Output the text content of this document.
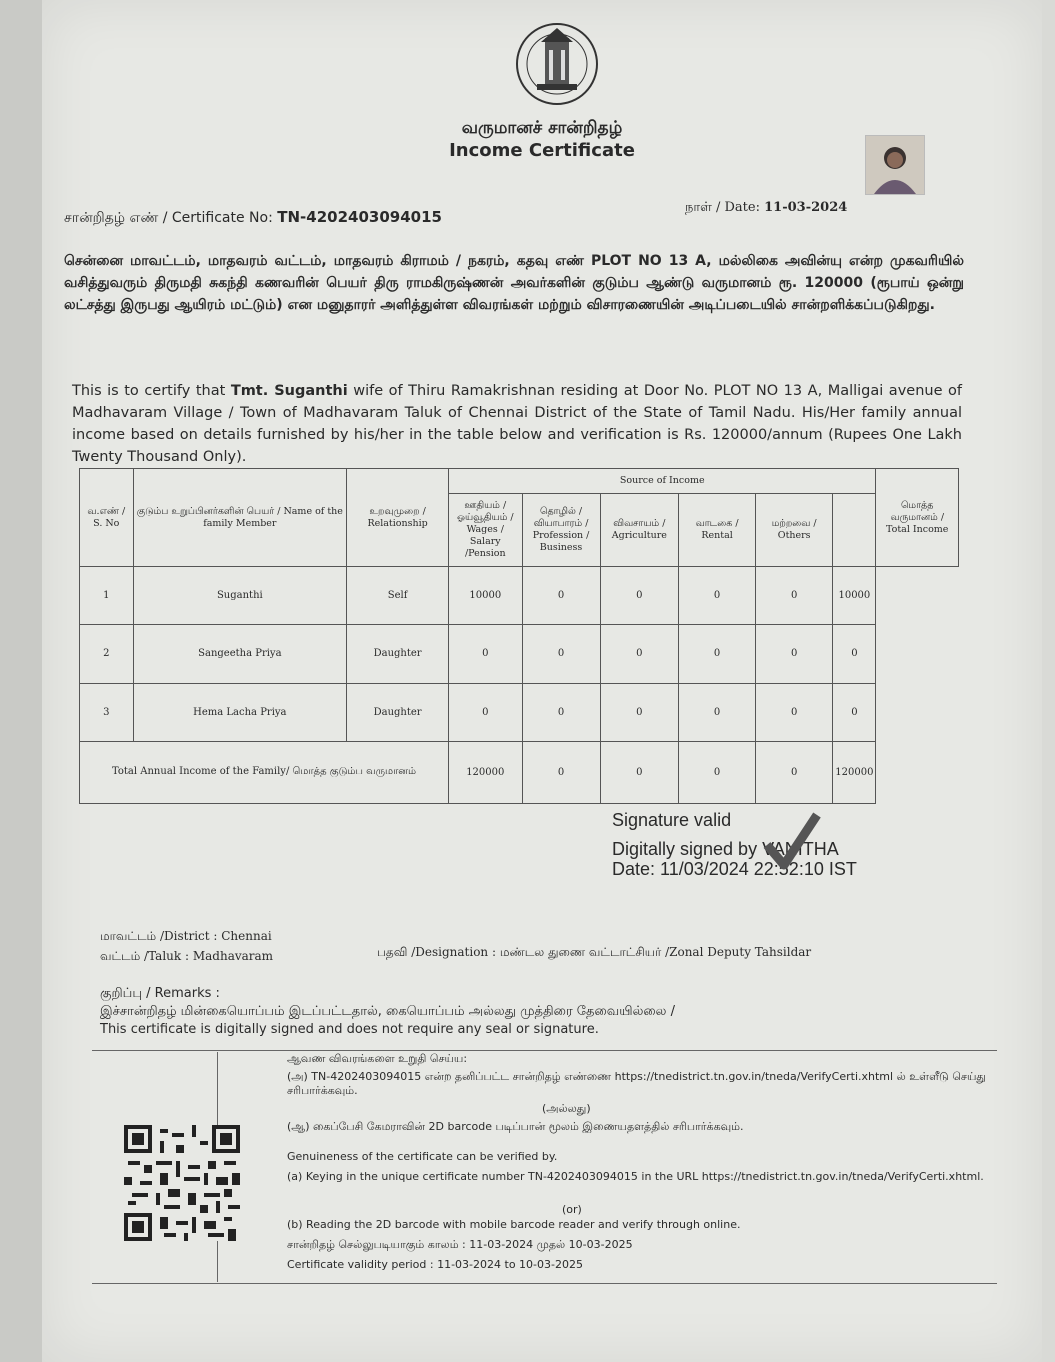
வருமானச் சான்றிதழ்
Income Certificate
சான்றிதழ் எண் / Certificate No: TN-4202403094015
நாள் / Date: 11-03-2024
சென்னை மாவட்டம், மாதவரம் வட்டம், மாதவரம் கிராமம் / நகரம், கதவு எண் PLOT NO 13 A, மல்லிகை அவின்யு என்ற முகவரியில் வசித்துவரும் திருமதி சுகந்தி கணவரின் பெயர் திரு ராமகிருஷ்ணன் அவர்களின் குடும்ப ஆண்டு வருமானம் ரூ. 120000 (ரூபாய் ஒன்று லட்சத்து இருபது ஆயிரம் மட்டும்) என மனுதாரர் அளித்துள்ள விவரங்கள் மற்றும் விசாரணையின் அடிப்படையில் சான்றளிக்கப்படுகிறது.
This is to certify that Tmt. Suganthi wife of Thiru Ramakrishnan residing at Door No. PLOT NO 13 A, Malligai avenue of Madhavaram Village / Town of Madhavaram Taluk of Chennai District of the State of Tamil Nadu. His/Her family annual income based on details furnished by his/her in the table below and verification is Rs. 120000/annum (Rupees One Lakh Twenty Thousand Only).
வ.எண் / S. No	குடும்ப உறுப்பினர்களின் பெயர் / Name of the family Member	உறவுமுறை / Relationship	Source of Income						மொத்த வருமானம் / Total Income
			ஊதியம் / ஓய்வூதியம் / Wages / Salary /Pension	தொழில் / வியாபாரம் / Profession / Business	விவசாயம் / Agriculture	வாடகை / Rental	மற்றவை / Others		
1	Suganthi	Self	10000	0	0	0	0	10000	
2	Sangeetha Priya	Daughter	0	0	0	0	0	0	
3	Hema Lacha Priya	Daughter	0	0	0	0	0	0	
Total Annual Income of the Family/ மொத்த குடும்ப வருமானம்			120000	0	0	0	0	120000	
Signature valid
Digitally signed by VANITHA
Date: 11/03/2024 22:52:10 IST
மாவட்டம் /District : Chennai
வட்டம் /Taluk : Madhavaram	பதவி /Designation : மண்டல துணை வட்டாட்சியர் /Zonal Deputy Tahsildar
குறிப்பு / Remarks :
இச்சான்றிதழ் மின்கையொப்பம் இடப்பட்டதால், கையொப்பம் அல்லது முத்திரை தேவையில்லை /
This certificate is digitally signed and does not require any seal or signature.
ஆவண விவரங்களை உறுதி செய்ய:
(அ) TN-4202403094015 என்ற தனிப்பட்ட சான்றிதழ் எண்ணை https://tnedistrict.tn.gov.in/tneda/VerifyCerti.xhtml ல் உள்ளீடு செய்து சரிபார்க்கவும்.
(அல்லது)
(ஆ) கைப்பேசி கேமராவின் 2D barcode படிப்பான் மூலம் இணையதளத்தில் சரிபார்க்கவும்.
Genuineness of the certificate can be verified by.
(a) Keying in the unique certificate number TN-4202403094015 in the URL https://tnedistrict.tn.gov.in/tneda/VerifyCerti.xhtml.
(or)
(b) Reading the 2D barcode with mobile barcode reader and verify through online.
சான்றிதழ் செல்லுபடியாகும் காலம் : 11-03-2024 முதல் 10-03-2025
Certificate validity period : 11-03-2024 to 10-03-2025
